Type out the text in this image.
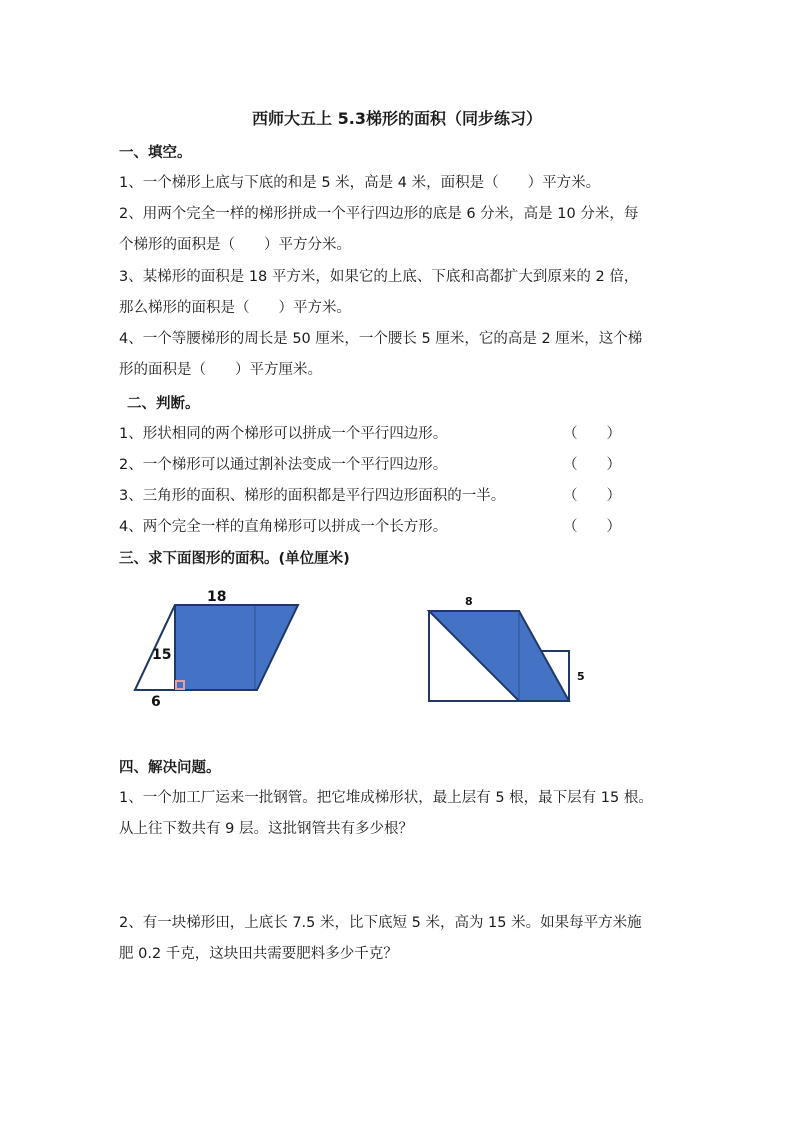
西师大五上 5.3梯形的面积（同步练习）
一、填空。
1、一个梯形上底与下底的和是 5 米，高是 4 米，面积是（　　）平方米。
2、用两个完全一样的梯形拼成一个平行四边形的底是 6 分米，高是 10 分米，每
个梯形的面积是（　　）平方分米。
3、某梯形的面积是 18 平方米，如果它的上底、下底和高都扩大到原来的 2 倍，
那么梯形的面积是（　　）平方米。
4、一个等腰梯形的周长是 50 厘米，一个腰长 5 厘米，它的高是 2 厘米，这个梯
形的面积是（　　）平方厘米。
二、判断。
1、形状相同的两个梯形可以拼成一个平行四边形。	（　　）
2、一个梯形可以通过割补法变成一个平行四边形。	（　　）
3、三角形的面积、梯形的面积都是平行四边形面积的一半。	（　　）
4、两个完全一样的直角梯形可以拼成一个长方形。	（　　）
三、求下面图形的面积。(单位厘米)
18
15
6
8
5
四、解决问题。
1、一个加工厂运来一批钢管。把它堆成梯形状，最上层有 5 根，最下层有 15 根。
从上往下数共有 9 层。这批钢管共有多少根？
2、有一块梯形田，上底长 7.5 米，比下底短 5 米，高为 15 米。如果每平方米施
肥 0.2 千克，这块田共需要肥料多少千克？
